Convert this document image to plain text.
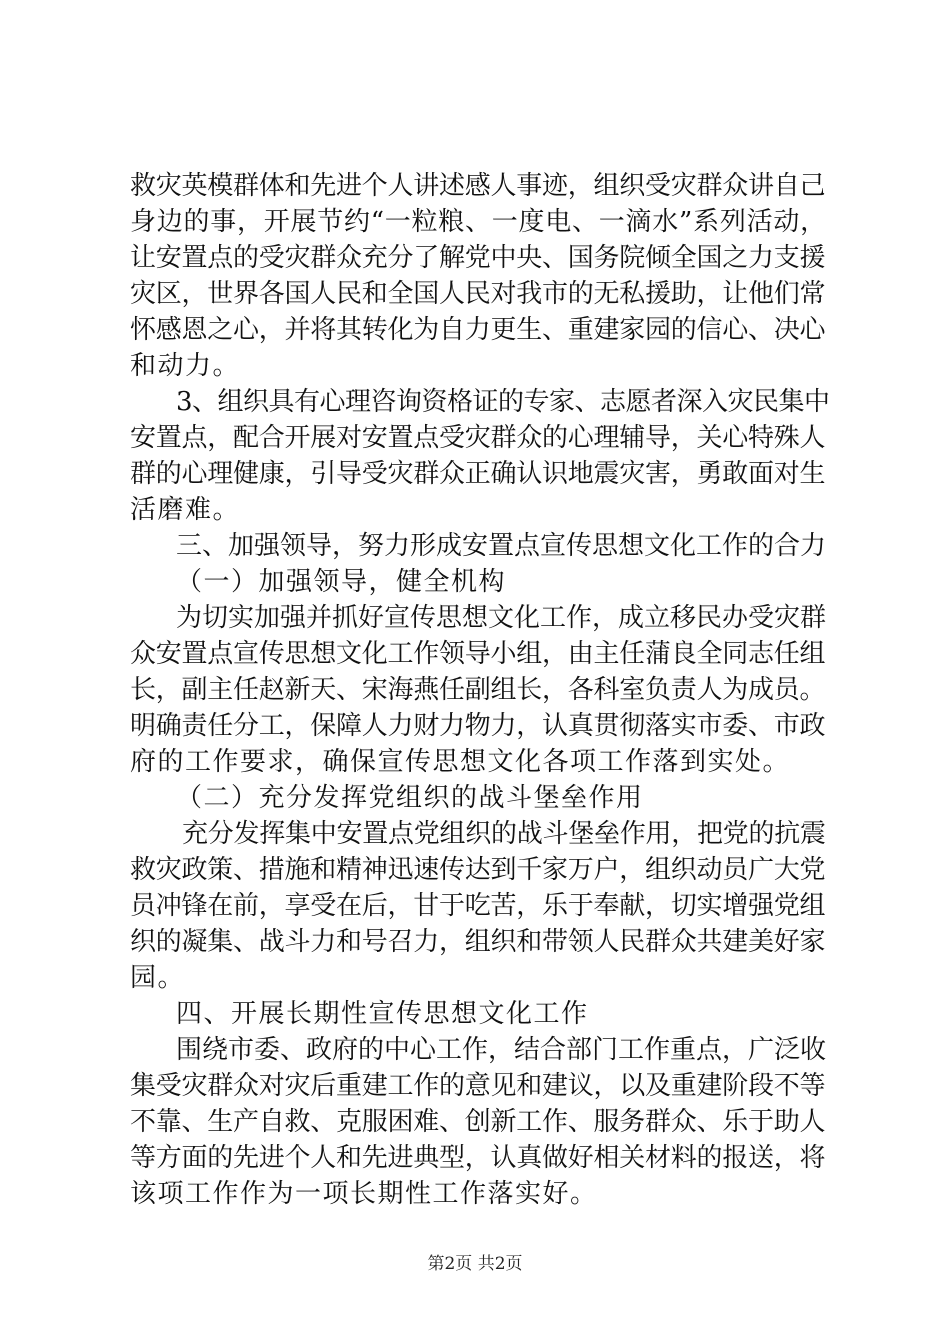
救灾英模群体和先进个人讲述感人事迹，组织受灾群众讲自己
身边的事，开展节约“一粒粮、一度电、一滴水”系列活动，
让安置点的受灾群众充分了解党中央、国务院倾全国之力支援
灾区，世界各国人民和全国人民对我市的无私援助，让他们常
怀感恩之心，并将其转化为自力更生、重建家园的信心、决心
和动力。
3、组织具有心理咨询资格证的专家、志愿者深入灾民集中
安置点，配合开展对安置点受灾群众的心理辅导，关心特殊人
群的心理健康，引导受灾群众正确认识地震灾害，勇敢面对生
活磨难。
三、加强领导，努力形成安置点宣传思想文化工作的合力
（一）加强领导，健全机构
为切实加强并抓好宣传思想文化工作，成立移民办受灾群
众安置点宣传思想文化工作领导小组，由主任蒲良全同志任组
长，副主任赵新天、宋海燕任副组长，各科室负责人为成员。
明确责任分工，保障人力财力物力，认真贯彻落实市委、市政
府的工作要求，确保宣传思想文化各项工作落到实处。
（二）充分发挥党组织的战斗堡垒作用
充分发挥集中安置点党组织的战斗堡垒作用，把党的抗震
救灾政策、措施和精神迅速传达到千家万户，组织动员广大党
员冲锋在前，享受在后，甘于吃苦，乐于奉献，切实增强党组
织的凝集、战斗力和号召力，组织和带领人民群众共建美好家
园。
四、开展长期性宣传思想文化工作
围绕市委、政府的中心工作，结合部门工作重点，广泛收
集受灾群众对灾后重建工作的意见和建议，以及重建阶段不等
不靠、生产自救、克服困难、创新工作、服务群众、乐于助人
等方面的先进个人和先进典型，认真做好相关材料的报送，将
该项工作作为一项长期性工作落实好。
第2页 共2页
